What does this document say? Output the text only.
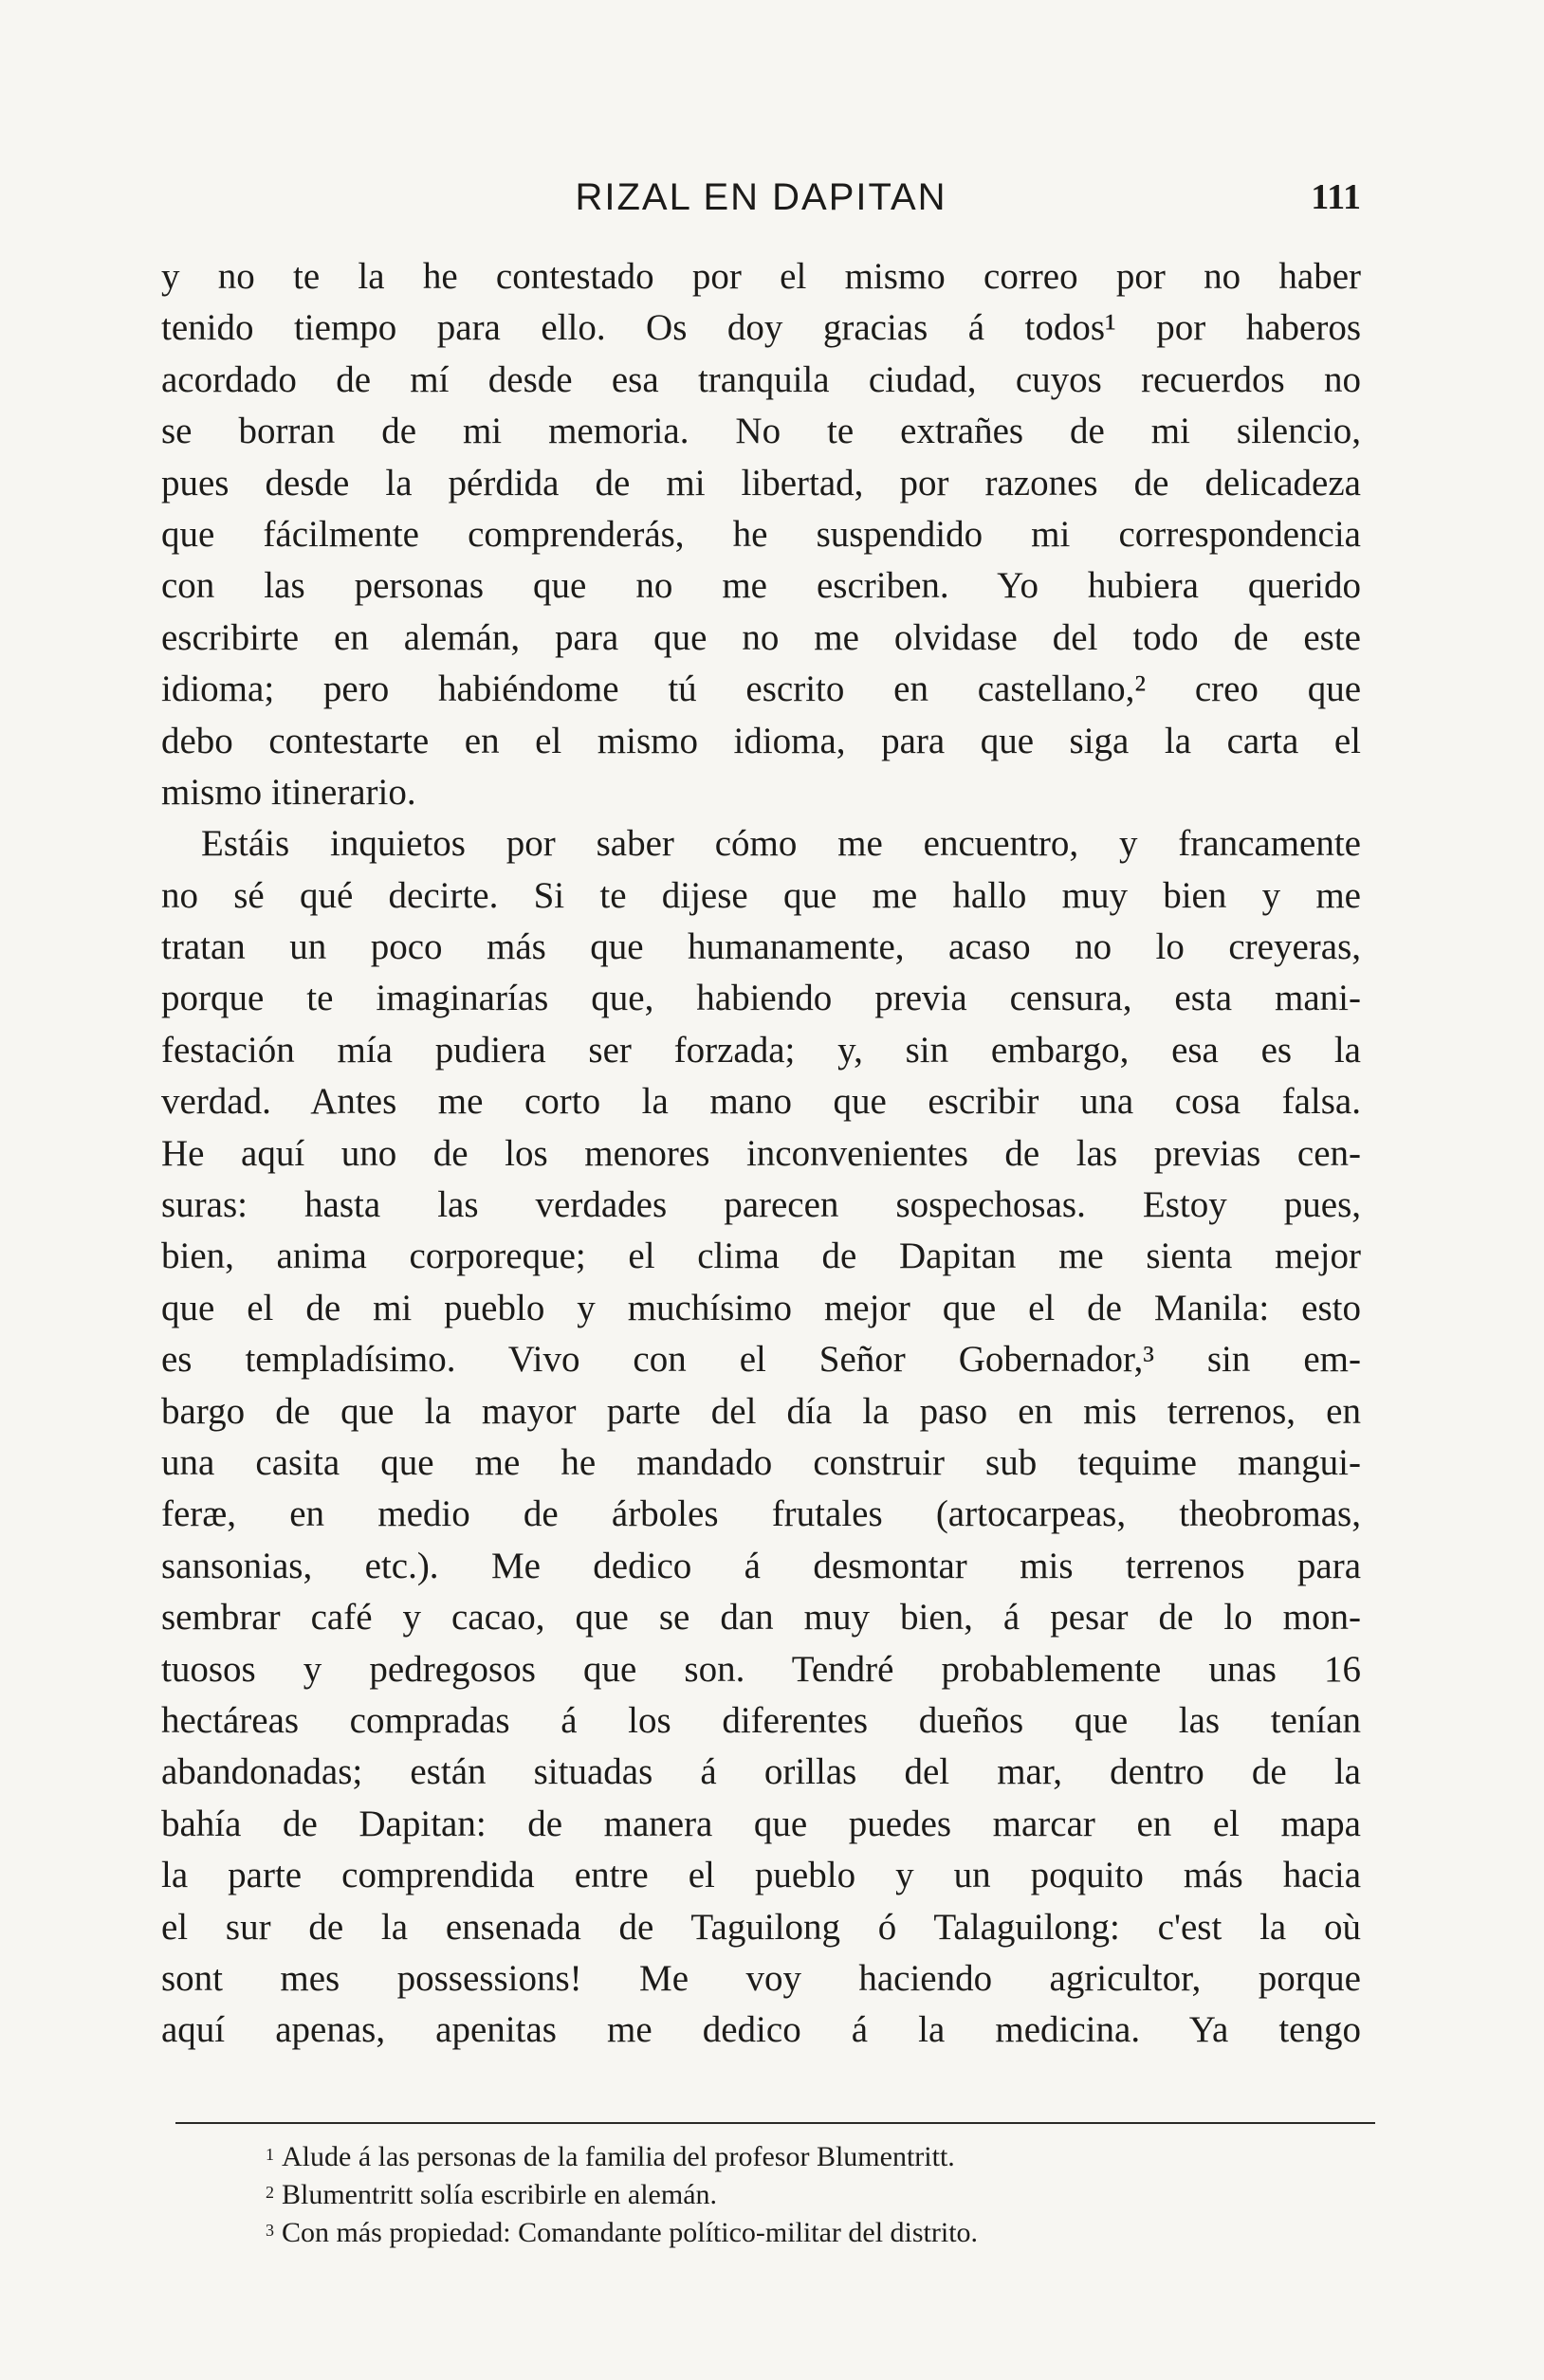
RIZAL EN DAPITAN	111
y no te la he contestado por el mismo correo por no haber
tenido tiempo para ello. Os doy gracias á todos¹ por haberos
acordado de mí desde esa tranquila ciudad, cuyos recuerdos no
se borran de mi memoria. No te extrañes de mi silencio,
pues desde la pérdida de mi libertad, por razones de delicadeza
que fácilmente comprenderás, he suspendido mi correspondencia
con las personas que no me escriben. Yo hubiera querido
escribirte en alemán, para que no me olvidase del todo de este
idioma; pero habiéndome tú escrito en castellano,² creo que
debo contestarte en el mismo idioma, para que siga la carta el
mismo itinerario.
Estáis inquietos por saber cómo me encuentro, y francamente
no sé qué decirte. Si te dijese que me hallo muy bien y me
tratan un poco más que humanamente, acaso no lo creyeras,
porque te imaginarías que, habiendo previa censura, esta mani-
festación mía pudiera ser forzada; y, sin embargo, esa es la
verdad. Antes me corto la mano que escribir una cosa falsa.
He aquí uno de los menores inconvenientes de las previas cen-
suras: hasta las verdades parecen sospechosas. Estoy pues,
bien, anima corporeque; el clima de Dapitan me sienta mejor
que el de mi pueblo y muchísimo mejor que el de Manila: esto
es templadísimo. Vivo con el Señor Gobernador,³ sin em-
bargo de que la mayor parte del día la paso en mis terrenos, en
una casita que me he mandado construir sub tequime mangui-
feræ, en medio de árboles frutales (artocarpeas, theobromas,
sansonias, etc.). Me dedico á desmontar mis terrenos para
sembrar café y cacao, que se dan muy bien, á pesar de lo mon-
tuosos y pedregosos que son. Tendré probablemente unas 16
hectáreas compradas á los diferentes dueños que las tenían
abandonadas; están situadas á orillas del mar, dentro de la
bahía de Dapitan: de manera que puedes marcar en el mapa
la parte comprendida entre el pueblo y un poquito más hacia
el sur de la ensenada de Taguilong ó Talaguilong: c'est la où
sont mes possessions! Me voy haciendo agricultor, porque
aquí apenas, apenitas me dedico á la medicina. Ya tengo
$^1$ Alude á las personas de la familia del profesor Blumentritt.
$^2$ Blumentritt solía escribirle en alemán.
$^3$ Con más propiedad: Comandante político-militar del distrito.
